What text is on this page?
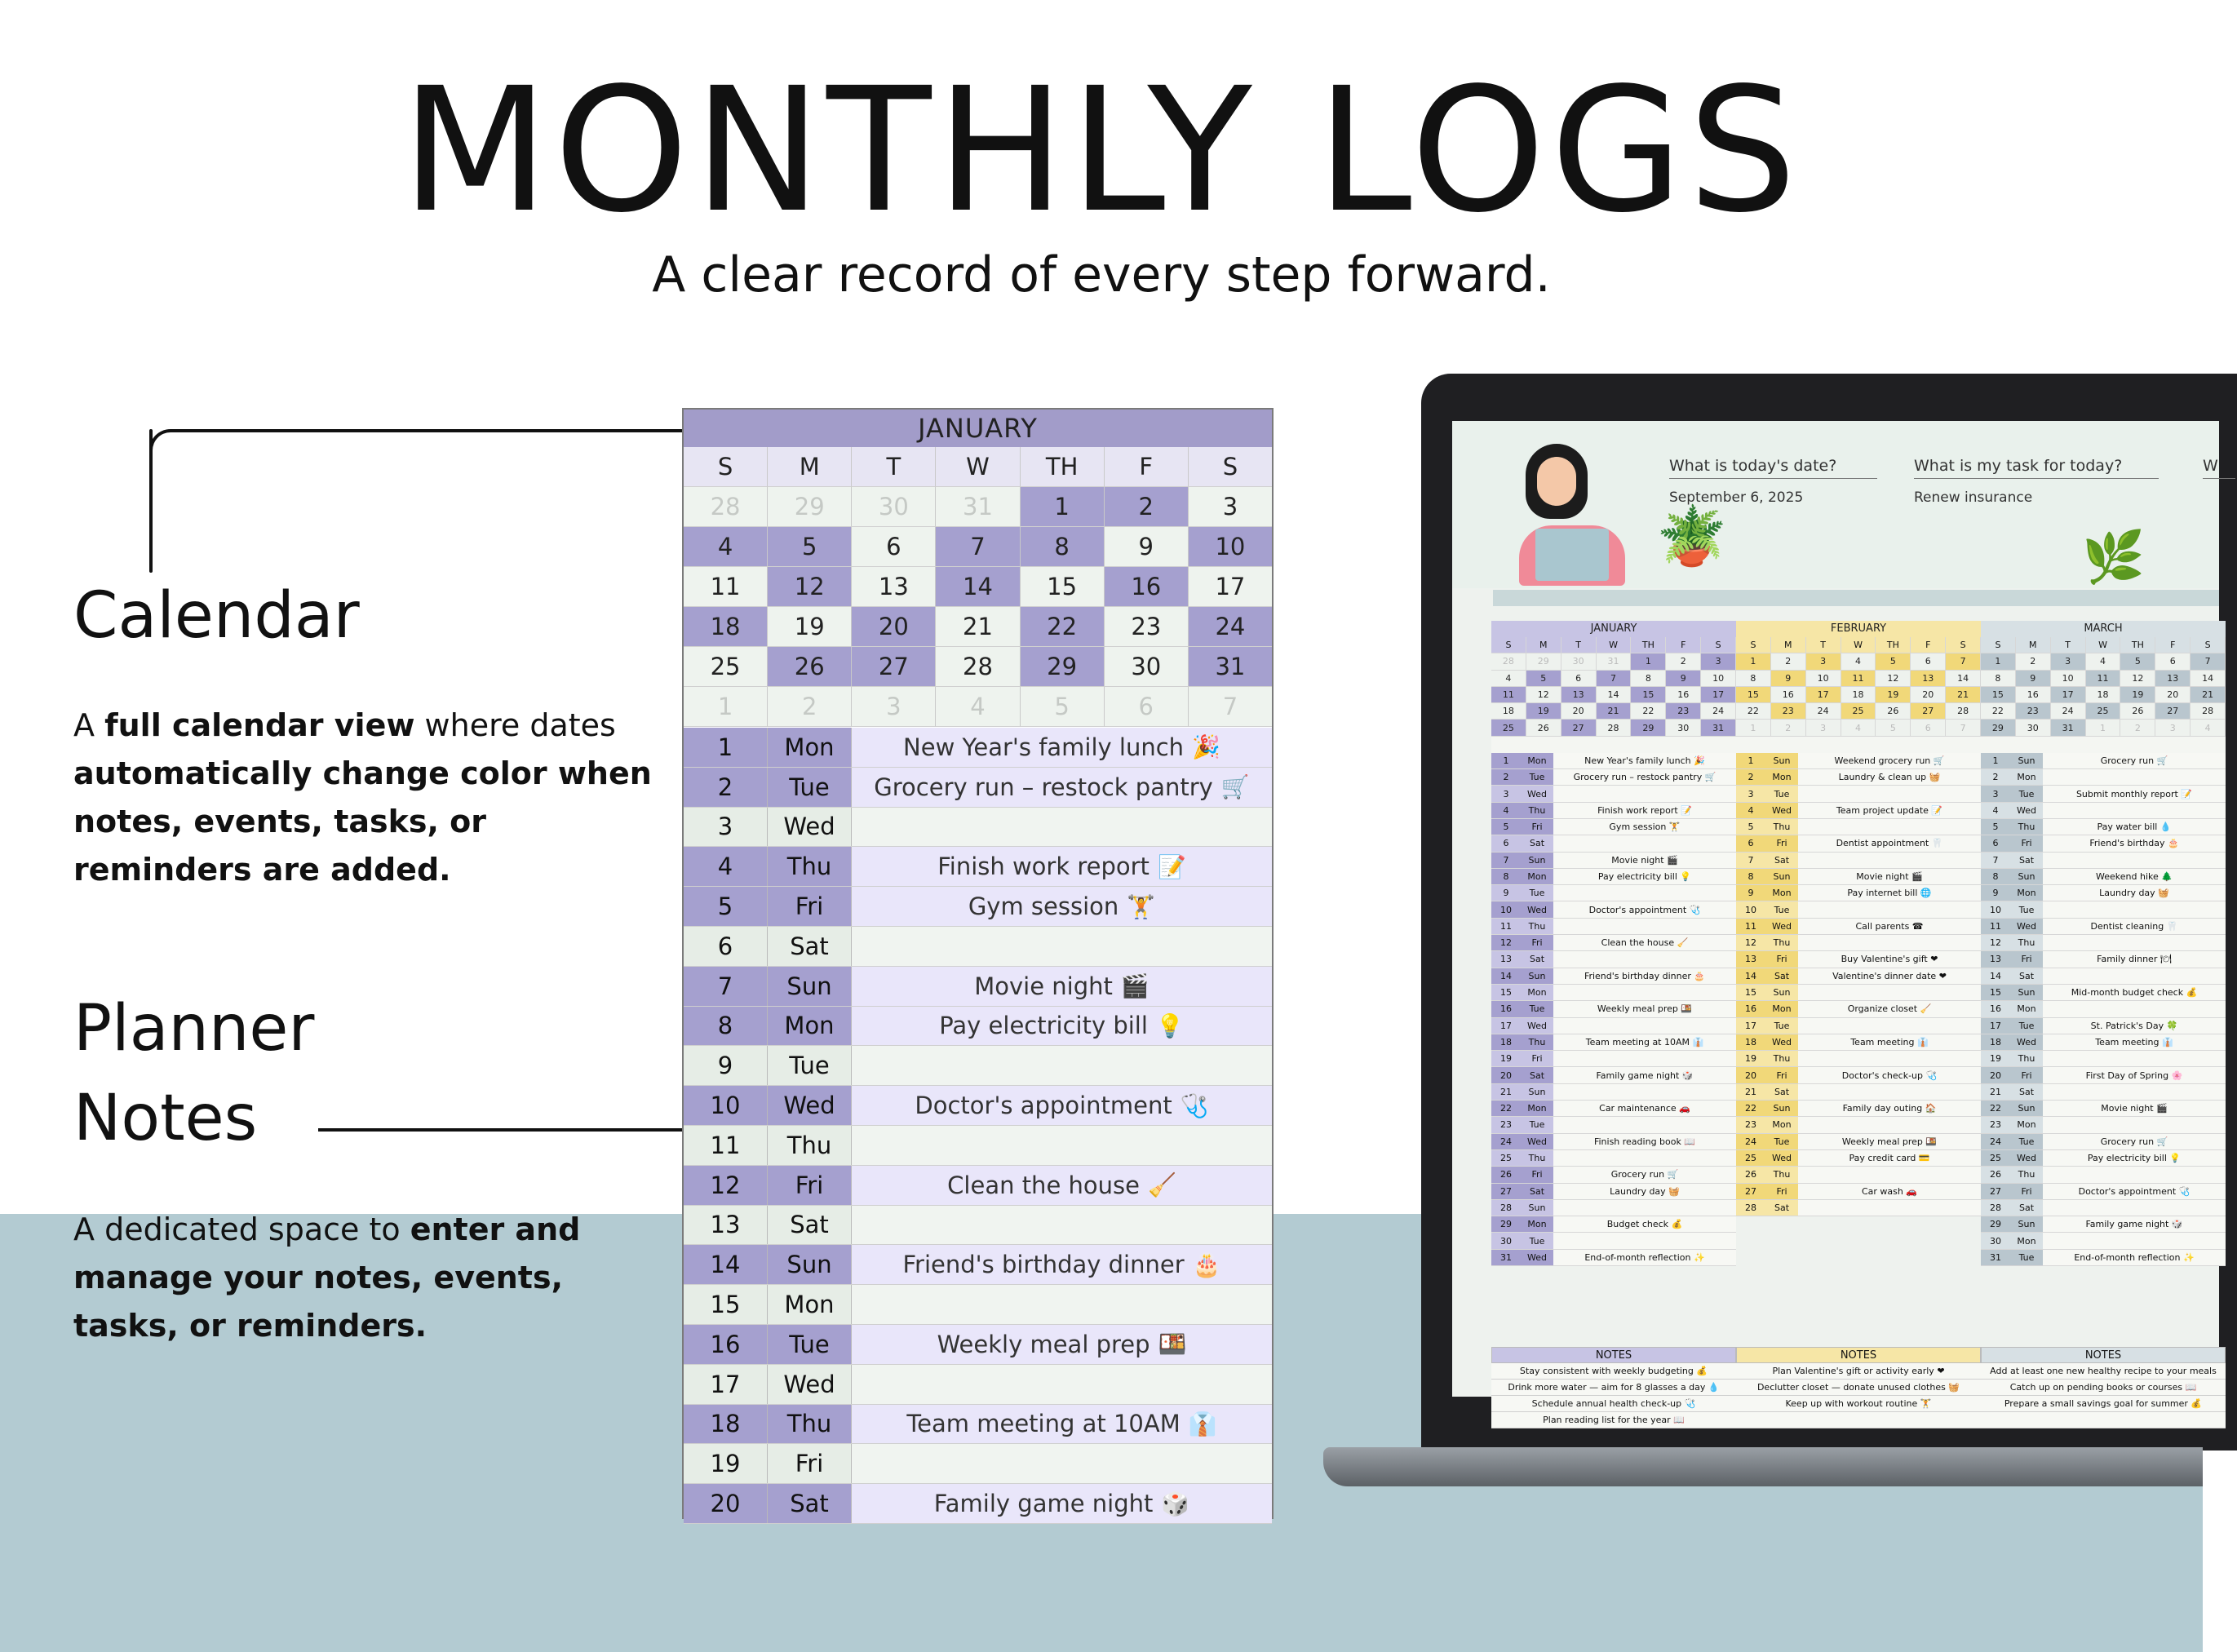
MONTHLY LOGS
A clear record of every step forward.
Calendar

A full calendar view where dates automatically change color when notes, events, tasks, or reminders are added.

Planner
Notes

A dedicated space to enter and manage your notes, events, tasks, or reminders.

JANUARY
S	M	T	W	TH	F	S
28	29	30	31	1	2	3
4	5	6	7	8	9	10
11	12	13	14	15	16	17
18	19	20	21	22	23	24
25	26	27	28	29	30	31
1	2	3	4	5	6	7
1	Mon	New Year's family lunch 🎉
2	Tue	Grocery run – restock pantry 🛒
3	Wed
4	Thu	Finish work report 📝
5	Fri	Gym session 🏋
6	Sat
7	Sun	Movie night 🎬
8	Mon	Pay electricity bill 💡
9	Tue
10	Wed	Doctor's appointment 🩺
11	Thu
12	Fri	Clean the house 🧹
13	Sat
14	Sun	Friend's birthday dinner 🎂
15	Mon
16	Tue	Weekly meal prep 🍱
17	Wed
18	Thu	Team meeting at 10AM 👔
19	Fri
20	Sat	Family game night 🎲
🪴
What is today's date?
September 6, 2025
What is my task for today?
Renew insurance
W
🌿
JANUARY
S	M	T	W	TH	F	S
28	29	30	31	1	2	3
4	5	6	7	8	9	10
11	12	13	14	15	16	17
18	19	20	21	22	23	24
25	26	27	28	29	30	31
1	Mon	New Year's family lunch 🎉
2	Tue	Grocery run – restock pantry 🛒
3	Wed
4	Thu	Finish work report 📝
5	Fri	Gym session 🏋
6	Sat
7	Sun	Movie night 🎬
8	Mon	Pay electricity bill 💡
9	Tue
10	Wed	Doctor's appointment 🩺
11	Thu
12	Fri	Clean the house 🧹
13	Sat
14	Sun	Friend's birthday dinner 🎂
15	Mon
16	Tue	Weekly meal prep 🍱
17	Wed
18	Thu	Team meeting at 10AM 👔
19	Fri
20	Sat	Family game night 🎲
21	Sun
22	Mon	Car maintenance 🚗
23	Tue
24	Wed	Finish reading book 📖
25	Thu
26	Fri	Grocery run 🛒
27	Sat	Laundry day 🧺
28	Sun
29	Mon	Budget check 💰
30	Tue
31	Wed	End-of-month reflection ✨
NOTES
Stay consistent with weekly budgeting 💰
Drink more water — aim for 8 glasses a day 💧
Schedule annual health check-up 🩺
Plan reading list for the year 📖
FEBRUARY
S	M	T	W	TH	F	S
1	2	3	4	5	6	7
8	9	10	11	12	13	14
15	16	17	18	19	20	21
22	23	24	25	26	27	28
1	2	3	4	5	6	7
1	Sun	Weekend grocery run 🛒
2	Mon	Laundry & clean up 🧺
3	Tue
4	Wed	Team project update 📝
5	Thu
6	Fri	Dentist appointment 🦷
7	Sat
8	Sun	Movie night 🎬
9	Mon	Pay internet bill 🌐
10	Tue
11	Wed	Call parents ☎
12	Thu
13	Fri	Buy Valentine's gift ❤
14	Sat	Valentine's dinner date ❤
15	Sun
16	Mon	Organize closet 🧹
17	Tue
18	Wed	Team meeting 👔
19	Thu
20	Fri	Doctor's check-up 🩺
21	Sat
22	Sun	Family day outing 🏠
23	Mon
24	Tue	Weekly meal prep 🍱
25	Wed	Pay credit card 💳
26	Thu
27	Fri	Car wash 🚗
28	Sat
NOTES
Plan Valentine's gift or activity early ❤
Declutter closet — donate unused clothes 🧺
Keep up with workout routine 🏋
MARCH
S	M	T	W	TH	F	S
1	2	3	4	5	6	7
8	9	10	11	12	13	14
15	16	17	18	19	20	21
22	23	24	25	26	27	28
29	30	31	1	2	3	4
1	Sun	Grocery run 🛒
2	Mon
3	Tue	Submit monthly report 📝
4	Wed
5	Thu	Pay water bill 💧
6	Fri	Friend's birthday 🎂
7	Sat
8	Sun	Weekend hike 🌲
9	Mon	Laundry day 🧺
10	Tue
11	Wed	Dentist cleaning 🦷
12	Thu
13	Fri	Family dinner 🍽
14	Sat
15	Sun	Mid-month budget check 💰
16	Mon
17	Tue	St. Patrick's Day 🍀
18	Wed	Team meeting 👔
19	Thu
20	Fri	First Day of Spring 🌸
21	Sat
22	Sun	Movie night 🎬
23	Mon
24	Tue	Grocery run 🛒
25	Wed	Pay electricity bill 💡
26	Thu
27	Fri	Doctor's appointment 🩺
28	Sat
29	Sun	Family game night 🎲
30	Mon
31	Tue	End-of-month reflection ✨
NOTES
Add at least one new healthy recipe to your meals
Catch up on pending books or courses 📖
Prepare a small savings goal for summer 💰
